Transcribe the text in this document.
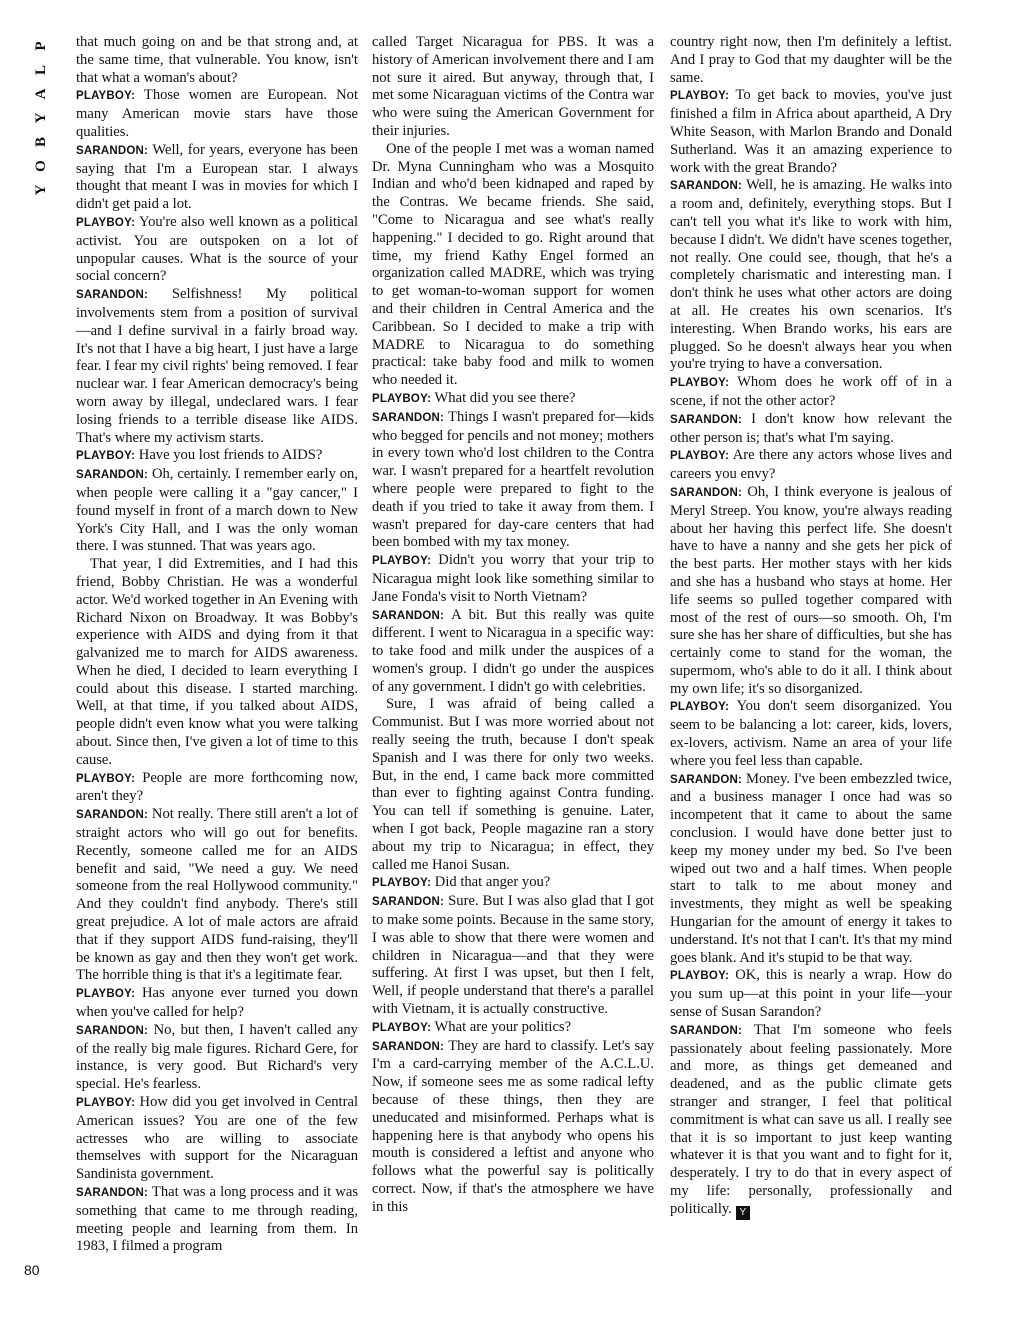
P
L
A
Y
B
O
Y
80

that much going on and be that strong and, at the same time, that vulnerable. You know, isn't that what a woman's about?

PLAYBOY: Those women are European. Not many American movie stars have those qualities.

SARANDON: Well, for years, everyone has been saying that I'm a European star. I always thought that meant I was in movies for which I didn't get paid a lot.

PLAYBOY: You're also well known as a political activist. You are outspoken on a lot of unpopular causes. What is the source of your social concern?

SARANDON: Selfishness! My political involvements stem from a position of survival—and I define survival in a fairly broad way. It's not that I have a big heart, I just have a large fear. I fear my civil rights' being removed. I fear nuclear war. I fear American democracy's being worn away by illegal, undeclared wars. I fear losing friends to a terrible disease like AIDS. That's where my activism starts.

PLAYBOY: Have you lost friends to AIDS?

SARANDON: Oh, certainly. I remember early on, when people were calling it a "gay cancer," I found myself in front of a march down to New York's City Hall, and I was the only woman there. I was stunned. That was years ago.

That year, I did Extremities, and I had this friend, Bobby Christian. He was a wonderful actor. We'd worked together in An Evening with Richard Nixon on Broadway. It was Bobby's experience with AIDS and dying from it that galvanized me to march for AIDS awareness. When he died, I decided to learn everything I could about this disease. I started marching. Well, at that time, if you talked about AIDS, people didn't even know what you were talking about. Since then, I've given a lot of time to this cause.

PLAYBOY: People are more forthcoming now, aren't they?

SARANDON: Not really. There still aren't a lot of straight actors who will go out for benefits. Recently, someone called me for an AIDS benefit and said, "We need a guy. We need someone from the real Hollywood community." And they couldn't find anybody. There's still great prejudice. A lot of male actors are afraid that if they support AIDS fund-raising, they'll be known as gay and then they won't get work. The horrible thing is that it's a legitimate fear.

PLAYBOY: Has anyone ever turned you down when you've called for help?

SARANDON: No, but then, I haven't called any of the really big male figures. Richard Gere, for instance, is very good. But Richard's very special. He's fearless.

PLAYBOY: How did you get involved in Central American issues? You are one of the few actresses who are willing to associate themselves with support for the Nicaraguan Sandinista government.

SARANDON: That was a long process and it was something that came to me through reading, meeting people and learning from them. In 1983, I filmed a program

called Target Nicaragua for PBS. It was a history of American involvement there and I am not sure it aired. But anyway, through that, I met some Nicaraguan victims of the Contra war who were suing the American Government for their injuries.

One of the people I met was a woman named Dr. Myna Cunningham who was a Mosquito Indian and who'd been kidnaped and raped by the Contras. We became friends. She said, "Come to Nicaragua and see what's really happening." I decided to go. Right around that time, my friend Kathy Engel formed an organization called MADRE, which was trying to get woman-to-woman support for women and their children in Central America and the Caribbean. So I decided to make a trip with MADRE to Nicaragua to do something practical: take baby food and milk to women who needed it.

PLAYBOY: What did you see there?

SARANDON: Things I wasn't prepared for—kids who begged for pencils and not money; mothers in every town who'd lost children to the Contra war. I wasn't prepared for a heartfelt revolution where people were prepared to fight to the death if you tried to take it away from them. I wasn't prepared for day-care centers that had been bombed with my tax money.

PLAYBOY: Didn't you worry that your trip to Nicaragua might look like something similar to Jane Fonda's visit to North Vietnam?

SARANDON: A bit. But this really was quite different. I went to Nicaragua in a specific way: to take food and milk under the auspices of a women's group. I didn't go under the auspices of any government. I didn't go with celebrities.

Sure, I was afraid of being called a Communist. But I was more worried about not really seeing the truth, because I don't speak Spanish and I was there for only two weeks. But, in the end, I came back more committed than ever to fighting against Contra funding. You can tell if something is genuine. Later, when I got back, People magazine ran a story about my trip to Nicaragua; in effect, they called me Hanoi Susan.

PLAYBOY: Did that anger you?

SARANDON: Sure. But I was also glad that I got to make some points. Because in the same story, I was able to show that there were women and children in Nicaragua—and that they were suffering. At first I was upset, but then I felt, Well, if people understand that there's a parallel with Vietnam, it is actually constructive.

PLAYBOY: What are your politics?

SARANDON: They are hard to classify. Let's say I'm a card-carrying member of the A.C.L.U. Now, if someone sees me as some radical lefty because of these things, then they are uneducated and misinformed. Perhaps what is happening here is that anybody who opens his mouth is considered a leftist and anyone who follows what the powerful say is politically correct. Now, if that's the atmosphere we have in this

country right now, then I'm definitely a leftist. And I pray to God that my daughter will be the same.

PLAYBOY: To get back to movies, you've just finished a film in Africa about apartheid, A Dry White Season, with Marlon Brando and Donald Sutherland. Was it an amazing experience to work with the great Brando?

SARANDON: Well, he is amazing. He walks into a room and, definitely, everything stops. But I can't tell you what it's like to work with him, because I didn't. We didn't have scenes together, not really. One could see, though, that he's a completely charismatic and interesting man. I don't think he uses what other actors are doing at all. He creates his own scenarios. It's interesting. When Brando works, his ears are plugged. So he doesn't always hear you when you're trying to have a conversation.

PLAYBOY: Whom does he work off of in a scene, if not the other actor?

SARANDON: I don't know how relevant the other person is; that's what I'm saying.

PLAYBOY: Are there any actors whose lives and careers you envy?

SARANDON: Oh, I think everyone is jealous of Meryl Streep. You know, you're always reading about her having this perfect life. She doesn't have to have a nanny and she gets her pick of the best parts. Her mother stays with her kids and she has a husband who stays at home. Her life seems so pulled together compared with most of the rest of ours—so smooth. Oh, I'm sure she has her share of difficulties, but she has certainly come to stand for the woman, the supermom, who's able to do it all. I think about my own life; it's so disorganized.

PLAYBOY: You don't seem disorganized. You seem to be balancing a lot: career, kids, lovers, ex-lovers, activism. Name an area of your life where you feel less than capable.

SARANDON: Money. I've been embezzled twice, and a business manager I once had was so incompetent that it came to about the same conclusion. I would have done better just to keep my money under my bed. So I've been wiped out two and a half times. When people start to talk to me about money and investments, they might as well be speaking Hungarian for the amount of energy it takes to understand. It's not that I can't. It's that my mind goes blank. And it's stupid to be that way.

PLAYBOY: OK, this is nearly a wrap. How do you sum up—at this point in your life—your sense of Susan Sarandon?

SARANDON: That I'm someone who feels passionately about feeling passionately. More and more, as things get demeaned and deadened, and as the public climate gets stranger and stranger, I feel that political commitment is what can save us all. I really see that it is so important to just keep wanting whatever it is that you want and to fight for it, desperately. I try to do that in every aspect of my life: personally, professionally and politically. Y
